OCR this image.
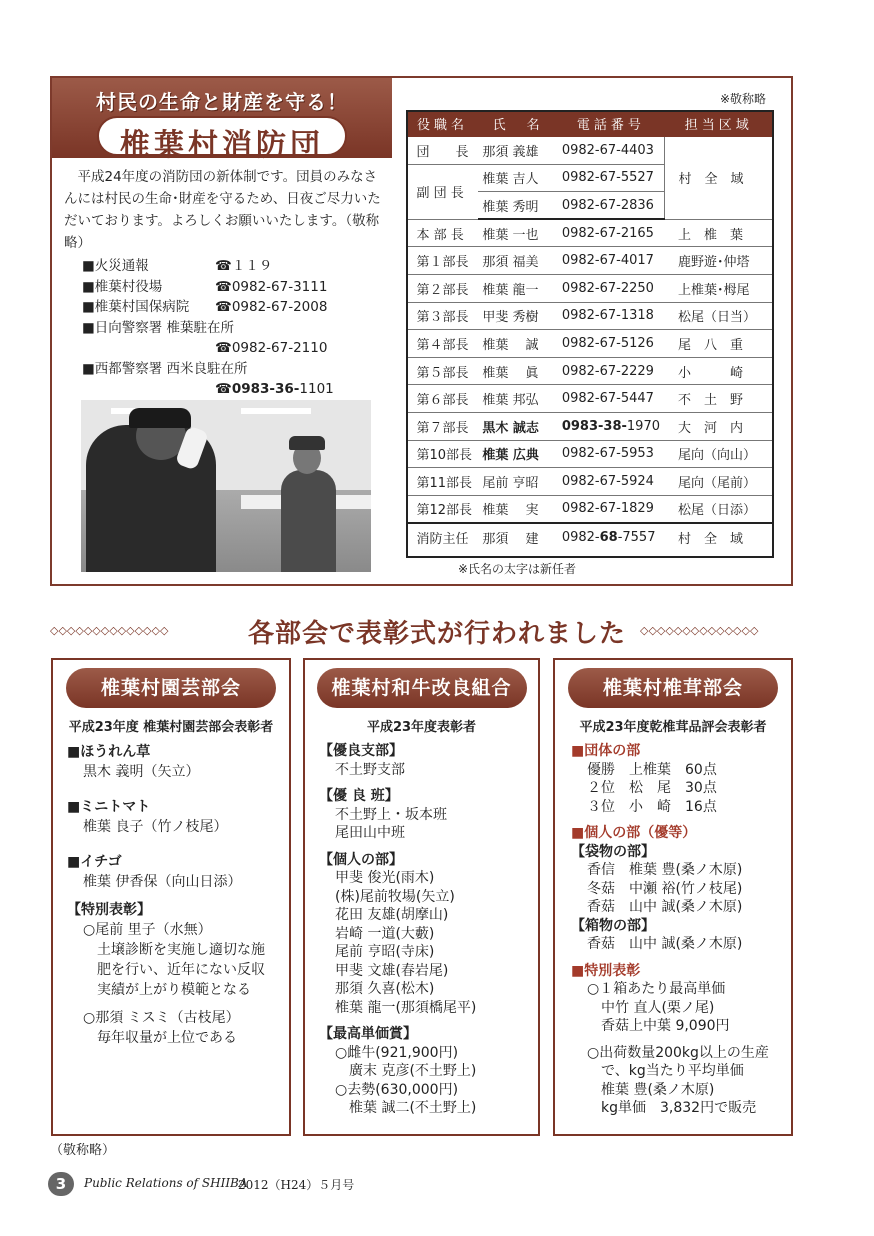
村民の生命と財産を守る！
椎葉村消防団
平成24年度の消防団の新体制です。団員のみなさんには村民の生命･財産を守るため、日夜ご尽力いただいております。よろしくお願いいたします。（敬称略）
■火災通報	☎１１９
■椎葉村役場	☎0982-67-3111
■椎葉村国保病院 ☎0982-67-2008
■日向警察署 椎葉駐在所
☎0982-67-2110
■西都警察署 西米良駐在所
☎0983-36-1101
※敬称略
役職名	氏　名	電話番号	担当区域
団　　長	那須 義雄	0982-67-4403	村　全　域
副 団 長	椎葉 吉人	0982-67-5527	
	椎葉 秀明	0982-67-2836	
本 部 長	椎葉 一也	0982-67-2165	上　椎　葉
第１部長	那須 福美	0982-67-4017	鹿野遊･仲塔
第２部長	椎葉 龍一	0982-67-2250	上椎葉･栂尾
第３部長	甲斐 秀樹	0982-67-1318	松尾（日当）
第４部長	椎葉　 誠	0982-67-5126	尾　八　重
第５部長	椎葉　 眞	0982-67-2229	小　　　崎
第６部長	椎葉 邦弘	0982-67-5447	不　土　野
第７部長	黒木 誠志	0983-38-1970	大　河　内
第10部長	椎葉 広典	0982-67-5953	尾向（向山）
第11部長	尾前 亨昭	0982-67-5924	尾向（尾前）
第12部長	椎葉　 実	0982-67-1829	松尾（日添）
消防主任	那須　 建	0982-68-7557	村　全　域
※氏名の太字は新任者
◇◇◇◇◇◇◇◇◇◇◇◇◇◇	各部会で表彰式が行われました	◇◇◇◇◇◇◇◇◇◇◇◇◇◇
椎葉村園芸部会
平成23年度 椎葉村園芸部会表彰者
■ほうれん草
黒木 義明（矢立）
■ミニトマト
椎葉 良子（竹ノ枝尾）
■イチゴ
椎葉 伊香保（向山日添）
【特別表彰】
○尾前 里子（水無）
土壌診断を実施し適切な施
肥を行い、近年にない反収
実績が上がり模範となる
○那須 ミスミ（古枝尾）
毎年収量が上位である
椎葉村和牛改良組合
平成23年度表彰者
【優良支部】
不土野支部
【優 良 班】
不土野上・坂本班
尾田山中班
【個人の部】
甲斐 俊光(雨木)
(株)尾前牧場(矢立)
花田 友雄(胡摩山)
岩崎 一道(大藪)
尾前 亨昭(寺床)
甲斐 文雄(春岩尾)
那須 久喜(松木)
椎葉 龍一(那須橋尾平)
【最高単価賞】
○雌牛(921,900円)
廣末 克彦(不土野上)
○去勢(630,000円)
椎葉 誠二(不土野上)
椎葉村椎茸部会
平成23年度乾椎茸品評会表彰者
■団体の部
優勝　上椎葉　60点
２位　松　尾　30点
３位　小　崎　16点
■個人の部（優等）
【袋物の部】
香信　椎葉 豊(桑ノ木原)
冬菇　中瀬 裕(竹ノ枝尾)
香菇　山中 誠(桑ノ木原)
【箱物の部】
香菇　山中 誠(桑ノ木原)
■特別表彰
○１箱あたり最高単価
中竹 直人(栗ノ尾)
香菇上中葉 9,090円
○出荷数量200kg以上の生産
で、kg当たり平均単価
椎葉 豊(桑ノ木原)
kg単価　3,832円で販売
（敬称略）
3	Public Relations of SHIIBA
2012（H24）５月号
